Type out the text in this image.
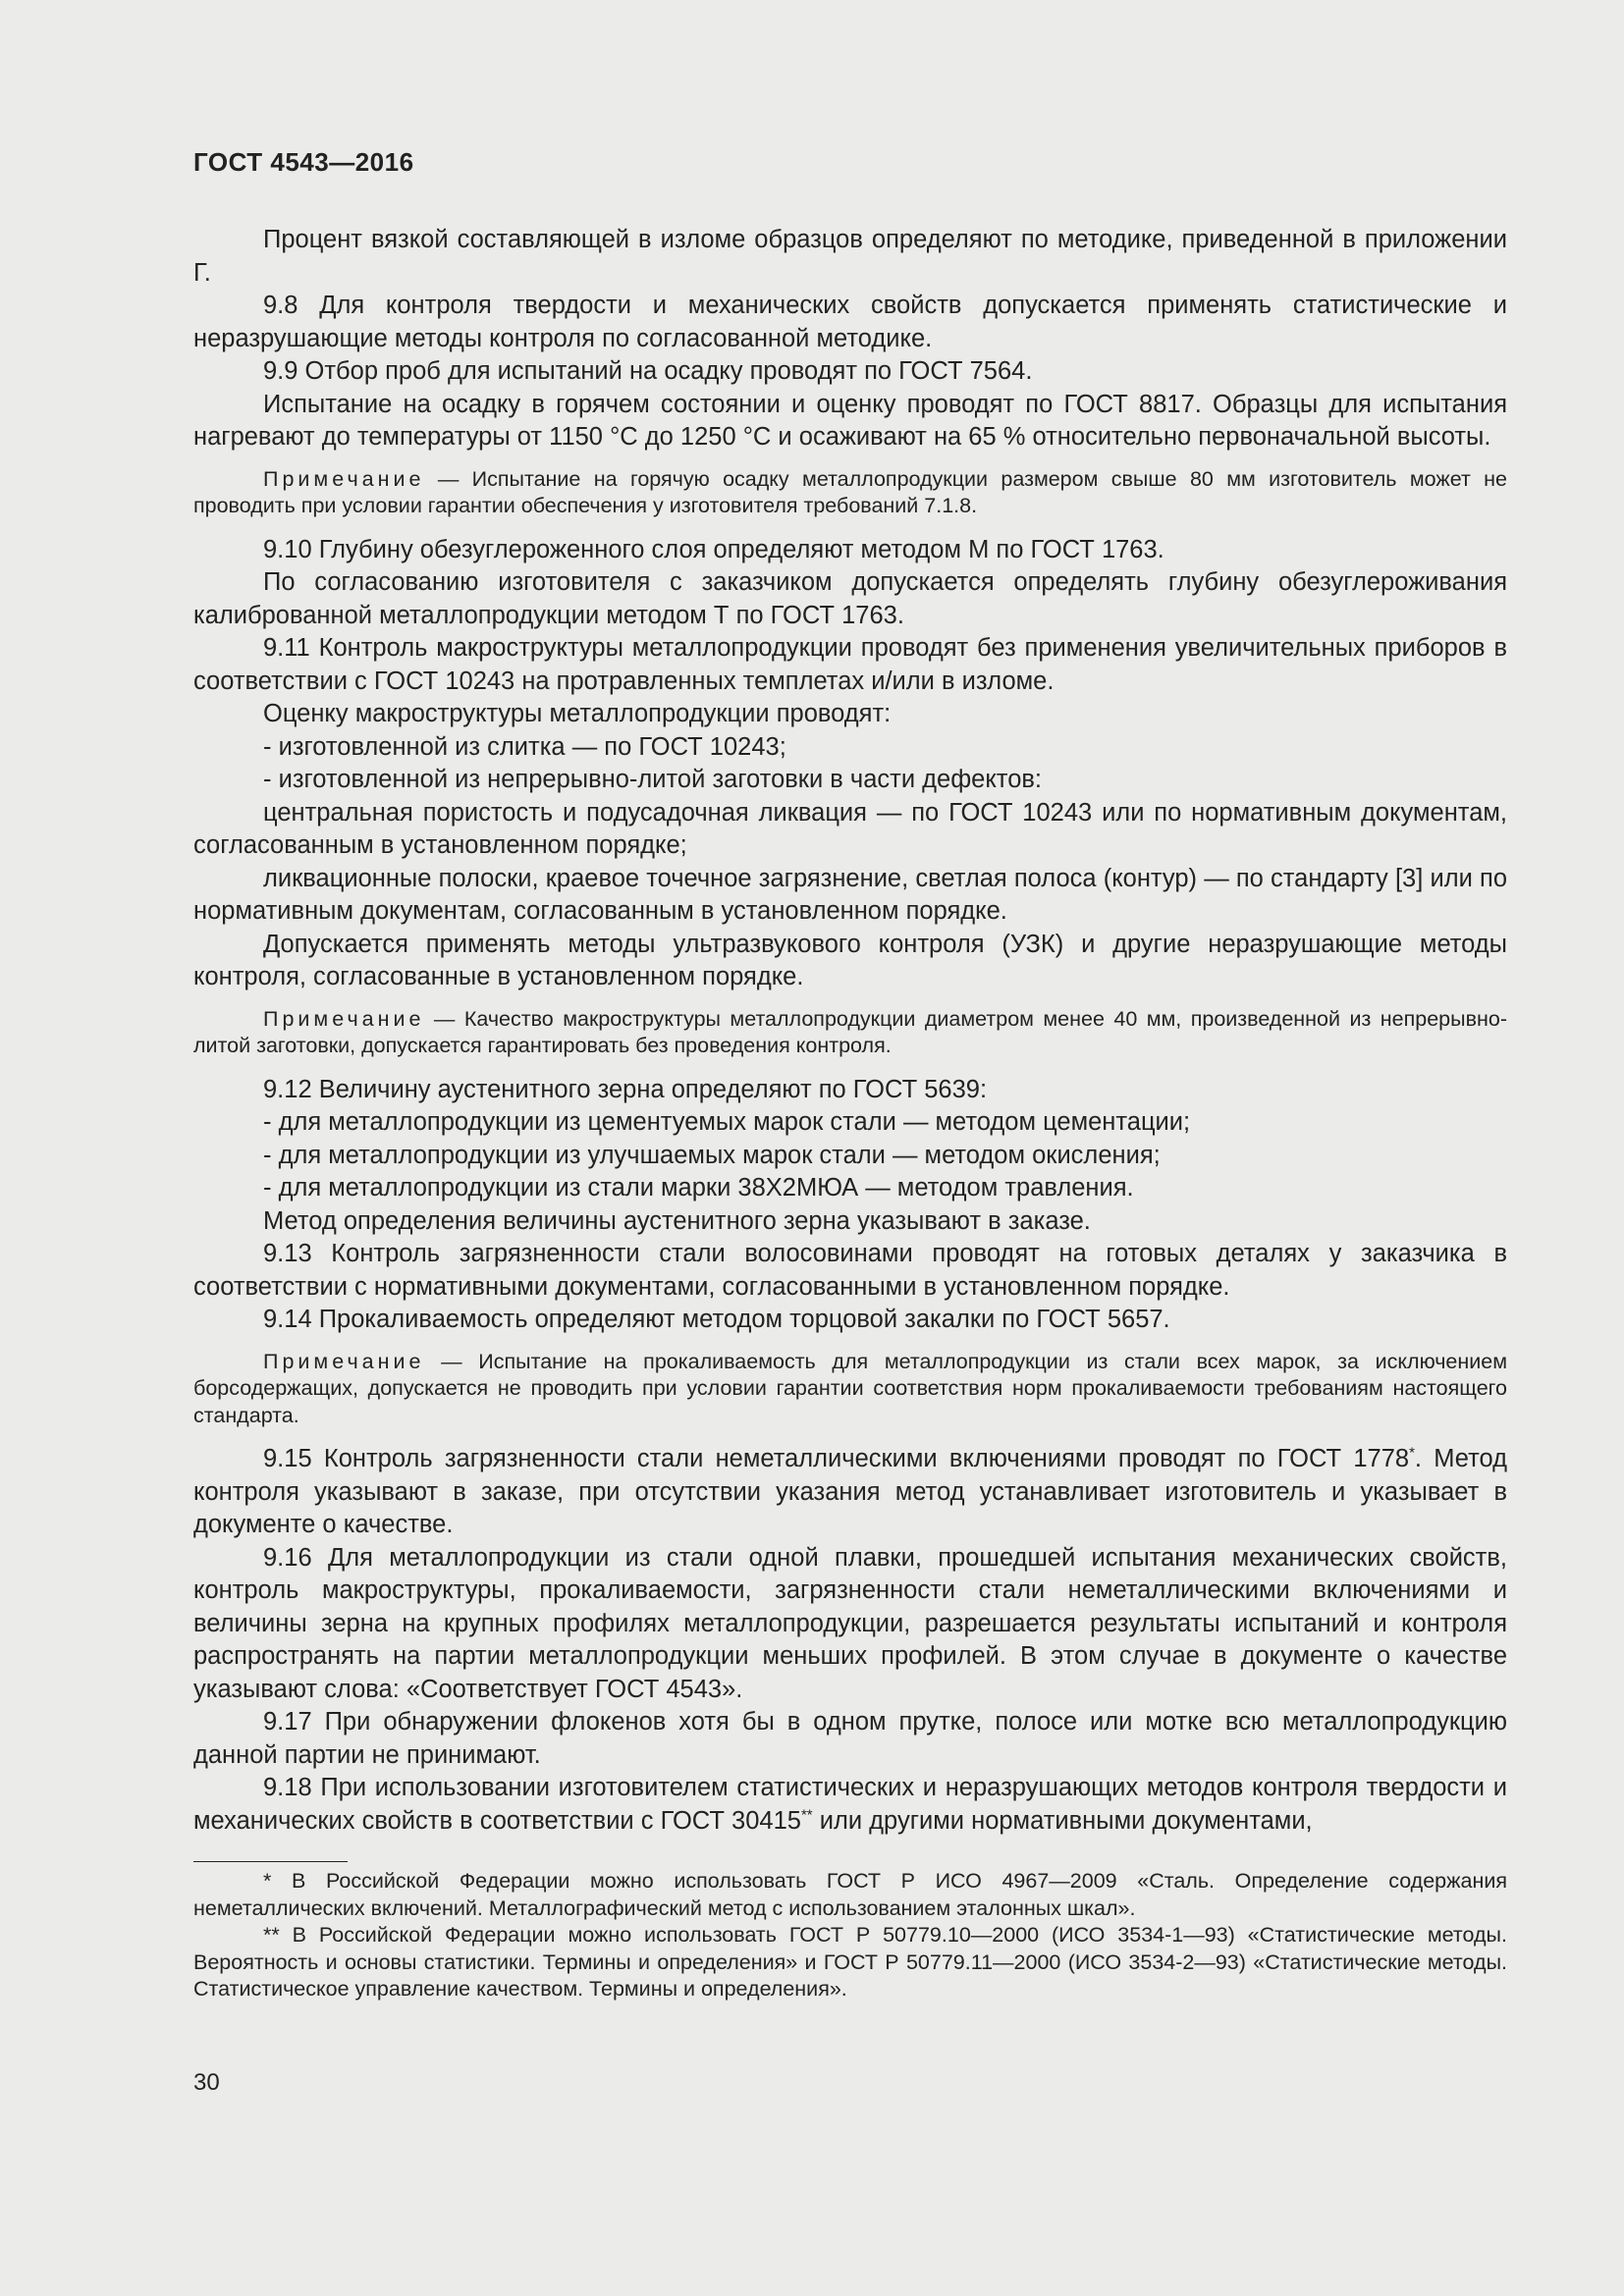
ГОСТ 4543—2016

Процент вязкой составляющей в изломе образцов определяют по методике, приведенной в приложении Г.

9.8 Для контроля твердости и механических свойств допускается применять статистические и неразрушающие методы контроля по согласованной методике.

9.9 Отбор проб для испытаний на осадку проводят по ГОСТ 7564.

Испытание на осадку в горячем состоянии и оценку проводят по ГОСТ 8817. Образцы для испытания нагревают до температуры от 1150 °С до 1250 °С и осаживают на 65 % относительно первоначальной высоты.

Примечание — Испытание на горячую осадку металлопродукции размером свыше 80 мм изготовитель может не проводить при условии гарантии обеспечения у изготовителя требований 7.1.8.

9.10 Глубину обезуглероженного слоя определяют методом М по ГОСТ 1763.

По согласованию изготовителя с заказчиком допускается определять глубину обезуглероживания калиброванной металлопродукции методом Т по ГОСТ 1763.

9.11 Контроль макроструктуры металлопродукции проводят без применения увеличительных приборов в соответствии с ГОСТ 10243 на протравленных темплетах и/или в изломе.

Оценку макроструктуры металлопродукции проводят:

- изготовленной из слитка — по ГОСТ 10243;

- изготовленной из непрерывно-литой заготовки в части дефектов:

центральная пористость и подусадочная ликвация — по ГОСТ 10243 или по нормативным документам, согласованным в установленном порядке;

ликвационные полоски, краевое точечное загрязнение, светлая полоса (контур) — по стандарту [3] или по нормативным документам, согласованным в установленном порядке.

Допускается применять методы ультразвукового контроля (УЗК) и другие неразрушающие методы контроля, согласованные в установленном порядке.

Примечание — Качество макроструктуры металлопродукции диаметром менее 40 мм, произведенной из непрерывно-литой заготовки, допускается гарантировать без проведения контроля.

9.12 Величину аустенитного зерна определяют по ГОСТ 5639:

- для металлопродукции из цементуемых марок стали — методом цементации;

- для металлопродукции из улучшаемых марок стали — методом окисления;

- для металлопродукции из стали марки 38Х2МЮА — методом травления.

Метод определения величины аустенитного зерна указывают в заказе.

9.13 Контроль загрязненности стали волосовинами проводят на готовых деталях у заказчика в соответствии с нормативными документами, согласованными в установленном порядке.

9.14 Прокаливаемость определяют методом торцовой закалки по ГОСТ 5657.

Примечание — Испытание на прокаливаемость для металлопродукции из стали всех марок, за исключением борсодержащих, допускается не проводить при условии гарантии соответствия норм прокаливаемости требованиям настоящего стандарта.

9.15 Контроль загрязненности стали неметаллическими включениями проводят по ГОСТ 1778*. Метод контроля указывают в заказе, при отсутствии указания метод устанавливает изготовитель и указывает в документе о качестве.

9.16 Для металлопродукции из стали одной плавки, прошедшей испытания механических свойств, контроль макроструктуры, прокаливаемости, загрязненности стали неметаллическими включениями и величины зерна на крупных профилях металлопродукции, разрешается результаты испытаний и контроля распространять на партии металлопродукции меньших профилей. В этом случае в документе о качестве указывают слова: «Соответствует ГОСТ 4543».

9.17 При обнаружении флокенов хотя бы в одном прутке, полосе или мотке всю металлопродукцию данной партии не принимают.

9.18 При использовании изготовителем статистических и неразрушающих методов контроля твердости и механических свойств в соответствии с ГОСТ 30415** или другими нормативными документами,

* В Российской Федерации можно использовать ГОСТ Р ИСО 4967—2009 «Сталь. Определение содержания неметаллических включений. Металлографический метод с использованием эталонных шкал».

** В Российской Федерации можно использовать ГОСТ Р 50779.10—2000 (ИСО 3534-1—93) «Статистические методы. Вероятность и основы статистики. Термины и определения» и ГОСТ Р 50779.11—2000 (ИСО 3534-2—93) «Статистические методы. Статистическое управление качеством. Термины и определения».

30
